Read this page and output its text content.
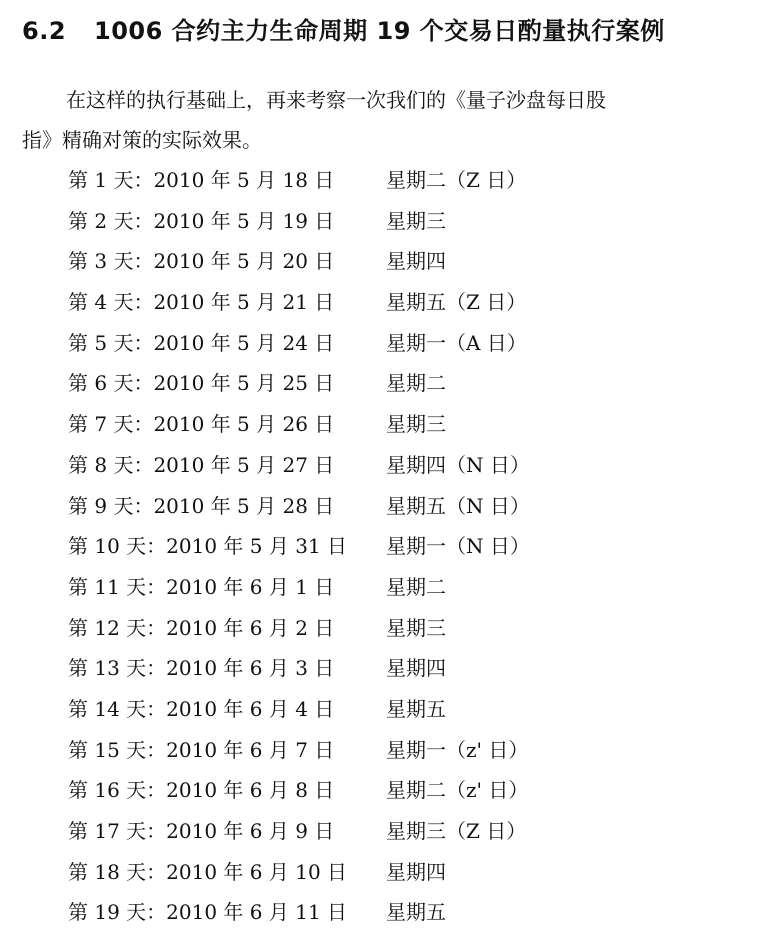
6.2 1006 合约主力生命周期 19 个交易日酌量执行案例
在这样的执行基础上，再来考察一次我们的《量子沙盘每日股
指》精确对策的实际效果。
第 1 天：2010 年 5 月 18 日	星期二（Z 日）
第 2 天：2010 年 5 月 19 日	星期三
第 3 天：2010 年 5 月 20 日	星期四
第 4 天：2010 年 5 月 21 日	星期五（Z 日）
第 5 天：2010 年 5 月 24 日	星期一（A 日）
第 6 天：2010 年 5 月 25 日	星期二
第 7 天：2010 年 5 月 26 日	星期三
第 8 天：2010 年 5 月 27 日	星期四（N 日）
第 9 天：2010 年 5 月 28 日	星期五（N 日）
第 10 天：2010 年 5 月 31 日 星期一（N 日）
第 11 天：2010 年 6 月 1 日	星期二
第 12 天：2010 年 6 月 2 日	星期三
第 13 天：2010 年 6 月 3 日	星期四
第 14 天：2010 年 6 月 4 日	星期五
第 15 天：2010 年 6 月 7 日	星期一（z' 日）
第 16 天：2010 年 6 月 8 日	星期二（z' 日）
第 17 天：2010 年 6 月 9 日	星期三（Z 日）
第 18 天：2010 年 6 月 10 日 星期四
第 19 天：2010 年 6 月 11 日 星期五
